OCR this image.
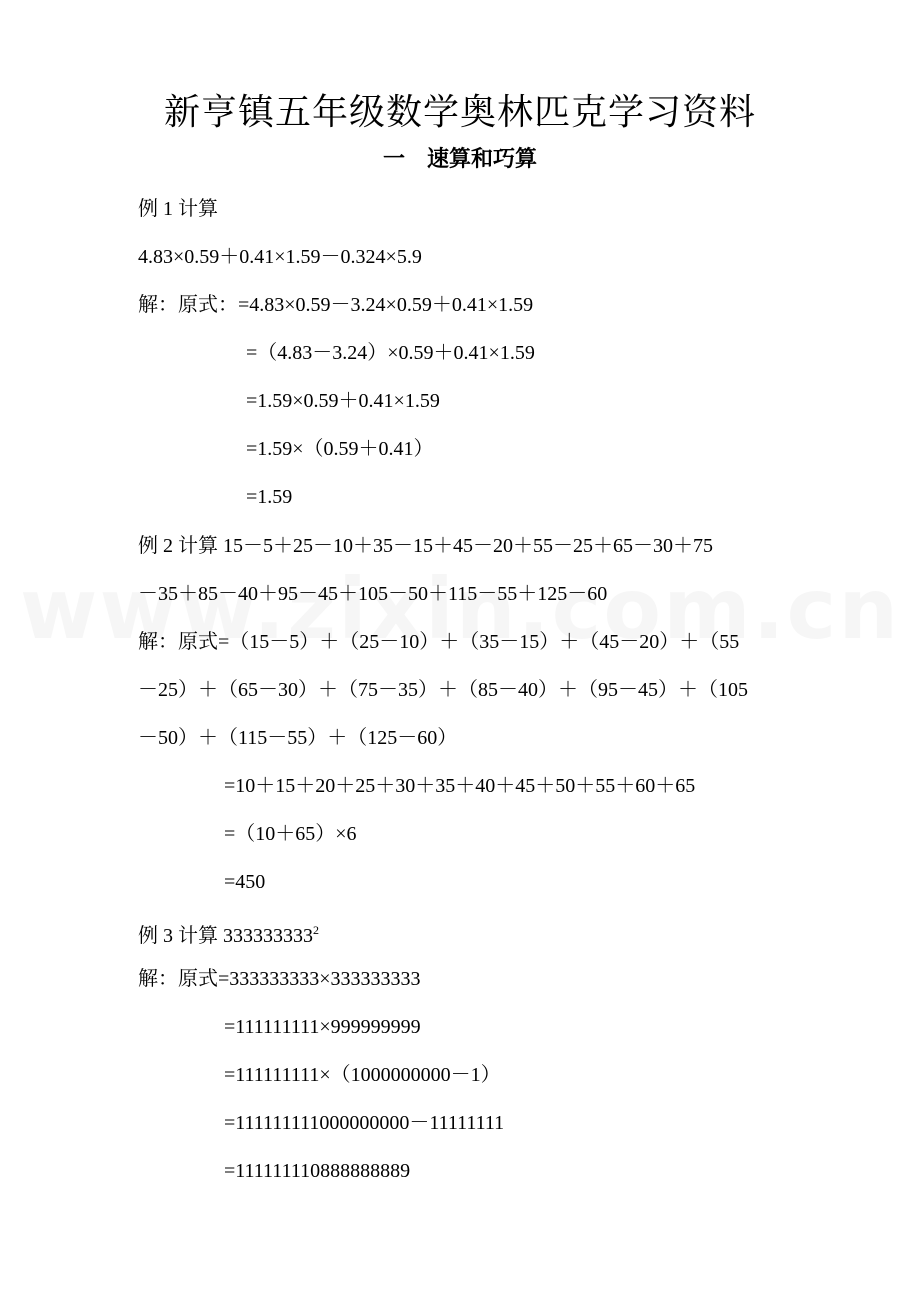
新亨镇五年级数学奥林匹克学习资料
一　速算和巧算
例 1 计算
4.83×0.59＋0.41×1.59－0.324×5.9
解：原式：=4.83×0.59－3.24×0.59＋0.41×1.59
=（4.83－3.24）×0.59＋0.41×1.59
=1.59×0.59＋0.41×1.59
=1.59×（0.59＋0.41）
=1.59
例 2 计算 15－5＋25－10＋35－15＋45－20＋55－25＋65－30＋75
－35＋85－40＋95－45＋105－50＋115－55＋125－60
解：原式=（15－5）＋（25－10）＋（35－15）＋（45－20）＋（55
－25）＋（65－30）＋（75－35）＋（85－40）＋（95－45）＋（105
－50）＋（115－55）＋（125－60）
=10＋15＋20＋25＋30＋35＋40＋45＋50＋55＋60＋65
=（10＋65）×6
=450
例 3 计算 333333333$^2$
解：原式=333333333×333333333
=111111111×999999999
=111111111×（1000000000－1）
=111111111000000000－11111111
=111111110888888889
